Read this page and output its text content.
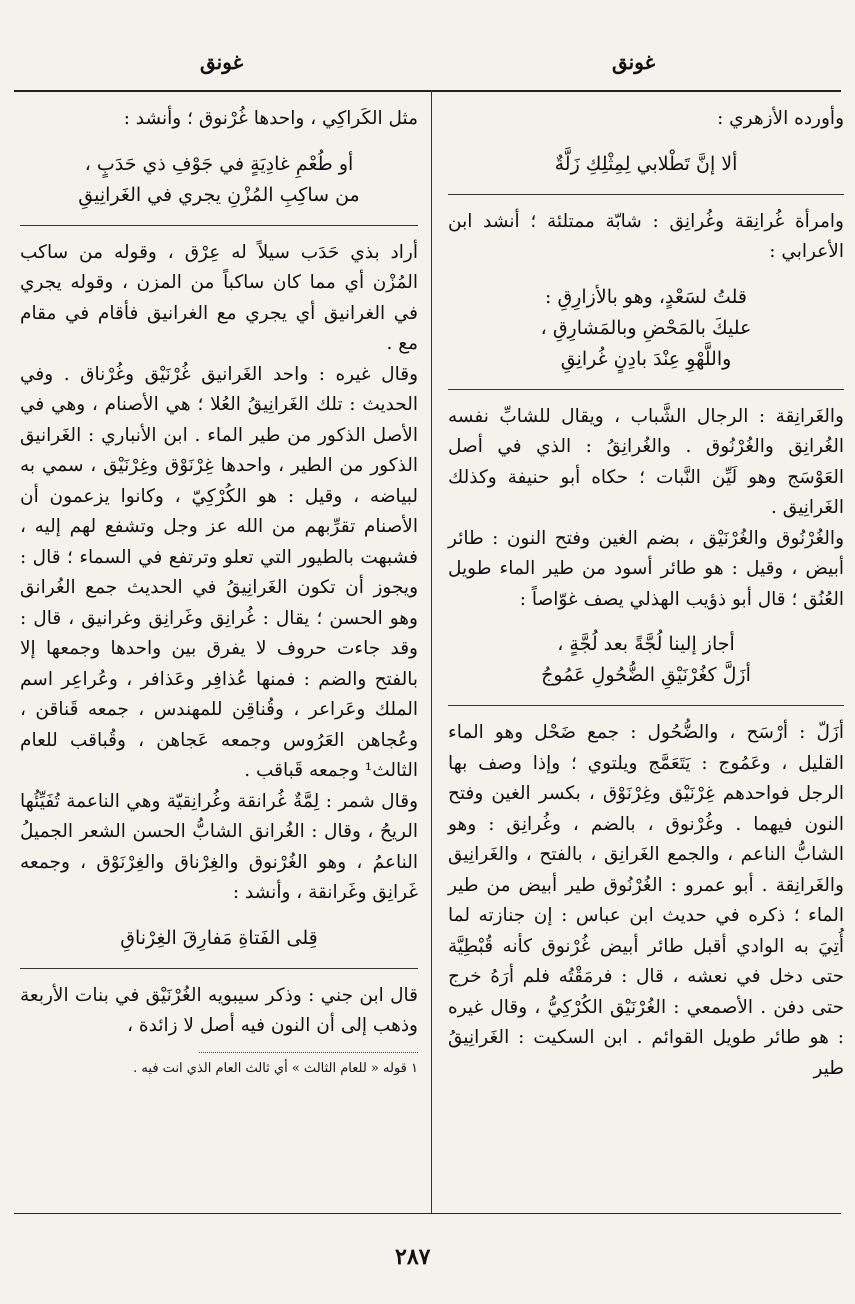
غونق
غونق

وأورده الأزهري :

ألا إنَّ تَطْلابي لِمِثْلِكِ زَلَّةٌ

وامرأة غُرانِقة وغُرانِق : شابّة ممتلئة ؛ أنشد ابن الأعرابي :

قلتُ لسَعْدٍ، وهو بالأزارِقِ :
عليكَ بالمَحْضِ وبالمَشارِقِ ،
واللَّهْوِ عِنْدَ بادِنٍ غُرانِقِ

والغَرانِقة : الرجال الشَّباب ، ويقال للشابِّ نفسه الغُرانِق والغُرْنُوق . والغُرانِقُ : الذي في أصل العَوْسَج وهو لَيِّن النَّبات ؛ حكاه أبو حنيفة وكذلك الغَرانِيق .

والغُرْنُوق والغُرْنَيْق ، بضم الغين وفتح النون : طائر أبيض ، وقيل : هو طائر أسود من طير الماء طويل العُنُق ؛ قال أبو ذؤيب الهذلي يصف غوّاصاً :

أجاز إلينا لُجَّةً بعد لُجَّةٍ ،
أزَلَّ كغُرْنَيْقِ الضُّحُولِ عَمُوجُ

أزَلّ : أرْسَح ، والضُّحُول : جمع ضَحْل وهو الماء القليل ، وعَمُوج : يَتَعَمَّج ويلتوي ؛ وإذا وصف بها الرجل فواحدهم غِرْنَيْق وغِرْنَوْق ، بكسر الغين وفتح النون فيهما . وغُرْنوق ، بالضم ، وغُرانِق : وهو الشابُّ الناعم ، والجمع الغَرانِق ، بالفتح ، والغَرانِيق والغَرانِقة . أبو عمرو : الغُرْنُوق طير أبيض من طير الماء ؛ ذكره في حديث ابن عباس : إن جنازته لما أُتِيَ به الوادي أقبل طائر أبيض غُرْنوق كأنه قُبْطِيَّة حتى دخل في نعشه ، قال : فرمَقْتُه فلم أرَهُ خرج حتى دفن . الأصمعي : الغُرْنَيْق الكُرْكِيُّ ، وقال غيره : هو طائر طويل القوائم . ابن السكيت : الغَرانِيقُ طير

مثل الكَراكِي ، واحدها غُرْنوق ؛ وأنشد :

أو طُعْمِ غادِيَةٍ في جَوْفِ ذي حَدَبٍ ،
من ساكِبِ المُزْنِ يجري في الغَرانِيقِ

أراد بذي حَدَب سيلاً له عِرْق ، وقوله من ساكب المُزْن أي مما كان ساكباً من المزن ، وقوله يجري في الغرانيق أي يجري مع الغرانيق فأقام في مقام مع .

وقال غيره : واحد الغَرانيق غُرْنَيْق وغُرْناق . وفي الحديث : تلك الغَرانِيقُ العُلا ؛ هي الأصنام ، وهي في الأصل الذكور من طير الماء . ابن الأنباري : الغَرانيق الذكور من الطير ، واحدها غِرْنَوْق وغِرْنَيْق ، سمي به لبياضه ، وقيل : هو الكُرْكِيّ ، وكانوا يزعمون أن الأصنام تقرِّبهم من الله عز وجل وتشفع لهم إليه ، فشبهت بالطيور التي تعلو وترتفع في السماء ؛ قال : ويجوز أن تكون الغَرانِيقُ في الحديث جمع الغُرانق وهو الحسن ؛ يقال : غُرانِق وغَرانِق وغرانيق ، قال : وقد جاءت حروف لا يفرق بين واحدها وجمعها إلا بالفتح والضم : فمنها عُذافِر وعَذافر ، وعُراعِر اسم الملك وعَراعر ، وقُناقِن للمهندس ، جمعه قَناقن ، وعُجاهن العَرُوس وجمعه عَجاهن ، وقُباقب للعام الثالث¹ وجمعه قَباقب .

وقال شمر : لِمَّةٌ غُرانقة وغُرانِقيّة وهي الناعمة تُفَيِّئُها الريحُ ، وقال : الغُرانق الشابُّ الحسن الشعر الجميلُ الناعمُ ، وهو الغُرْنوق والغِرْناق والغِرْنَوْق ، وجمعه غَرانِق وغَرانقة ، وأنشد :

قِلى الفَتاةِ مَفارِقَ الغِرْناقِ

قال ابن جني : وذكر سيبويه الغُرْنَيْق في بنات الأربعة وذهب إلى أن النون فيه أصل لا زائدة ،

١ قوله « للعام الثالث » أي ثالث العام الذي انت فيه .

٢٨٧
